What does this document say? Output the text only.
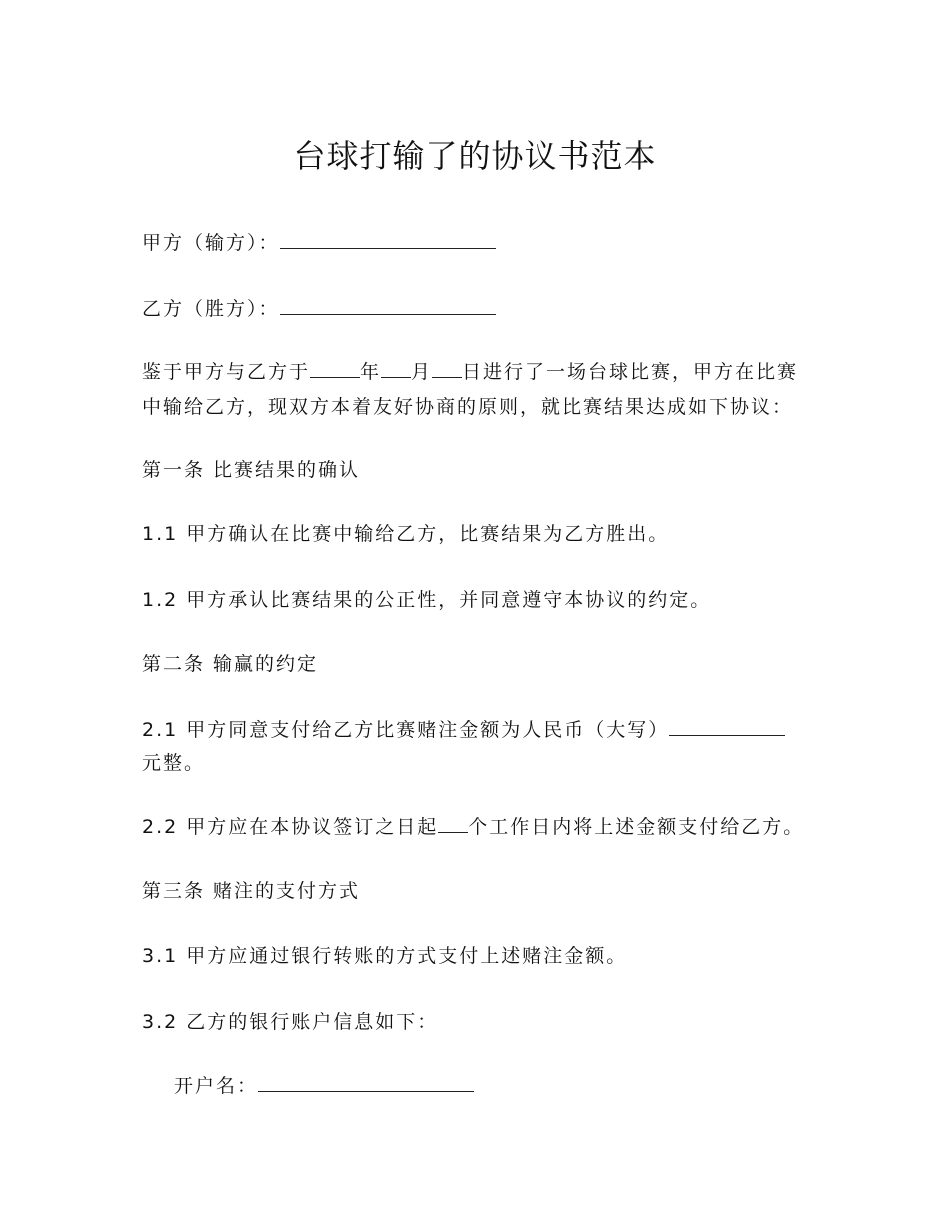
台球打输了的协议书范本
甲方（输方）：
乙方（胜方）：
鉴于甲方与乙方于	年 月 日进行了一场台球比赛，甲方在比赛
中输给乙方，现双方本着友好协商的原则，就比赛结果达成如下协议：
第一条 比赛结果的确认
1.1 甲方确认在比赛中输给乙方，比赛结果为乙方胜出。
1.2 甲方承认比赛结果的公正性，并同意遵守本协议的约定。
第二条 输赢的约定
2.1 甲方同意支付给乙方比赛赌注金额为人民币（大写）
元整。
2.2 甲方应在本协议签订之日起 个工作日内将上述金额支付给乙方。
第三条 赌注的支付方式
3.1 甲方应通过银行转账的方式支付上述赌注金额。
3.2 乙方的银行账户信息如下：
开户名：
